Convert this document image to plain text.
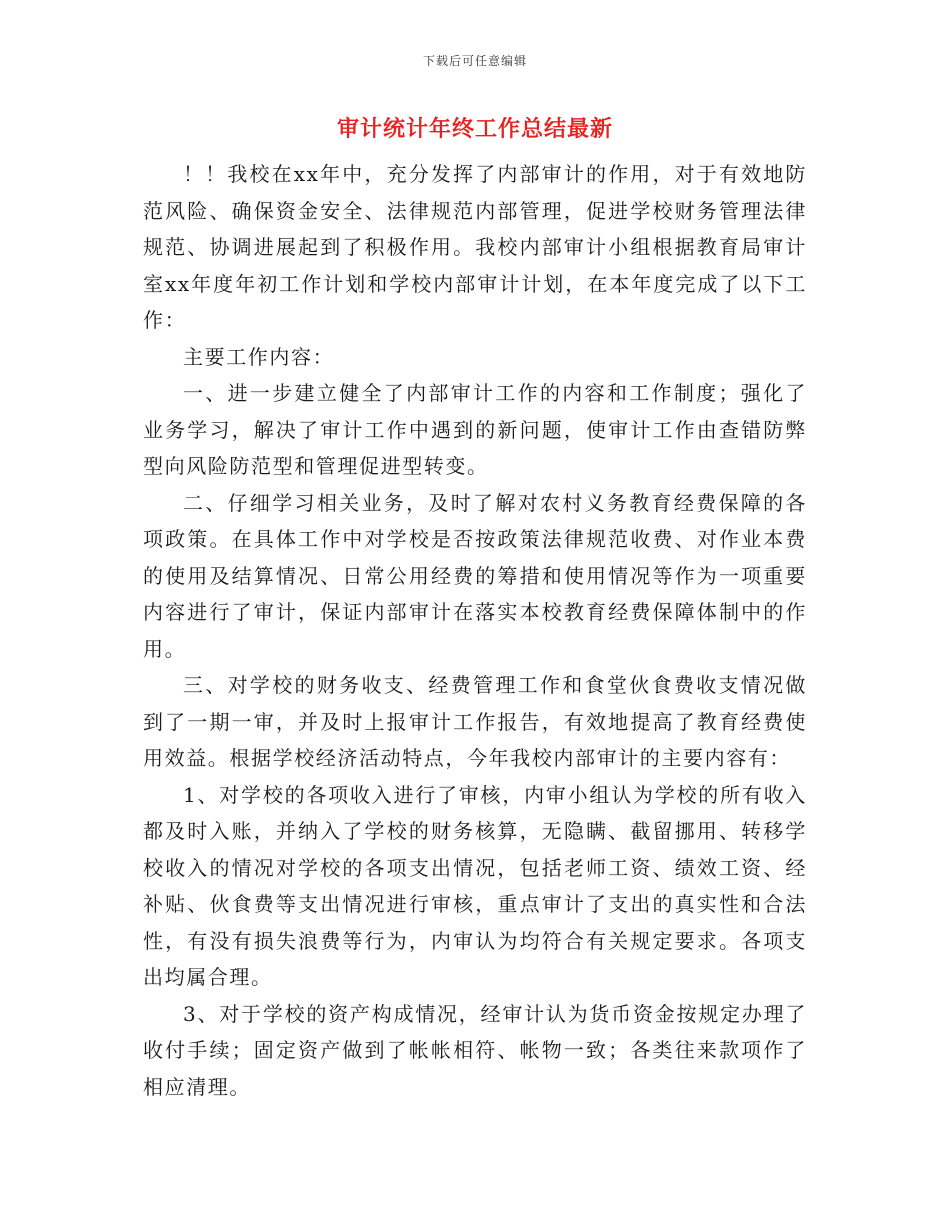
下载后可任意编辑
审计统计年终工作总结最新

！！我校在xx年中，充分发挥了内部审计的作用，对于有效地防范风险、确保资金安全、法律规范内部管理，促进学校财务管理法律规范、协调进展起到了积极作用。我校内部审计小组根据教育局审计室xx年度年初工作计划和学校内部审计计划，在本年度完成了以下工作：

主要工作内容：

一、进一步建立健全了内部审计工作的内容和工作制度；强化了业务学习，解决了审计工作中遇到的新问题，使审计工作由查错防弊型向风险防范型和管理促进型转变。

二、仔细学习相关业务，及时了解对农村义务教育经费保障的各项政策。在具体工作中对学校是否按政策法律规范收费、对作业本费的使用及结算情况、日常公用经费的筹措和使用情况等作为一项重要内容进行了审计，保证内部审计在落实本校教育经费保障体制中的作用。

三、对学校的财务收支、经费管理工作和食堂伙食费收支情况做到了一期一审，并及时上报审计工作报告，有效地提高了教育经费使用效益。根据学校经济活动特点，今年我校内部审计的主要内容有：

1、对学校的各项收入进行了审核，内审小组认为学校的所有收入都及时入账，并纳入了学校的财务核算，无隐瞒、截留挪用、转移学校收入的情况对学校的各项支出情况，包括老师工资、绩效工资、经补贴、伙食费等支出情况进行审核，重点审计了支出的真实性和合法性，有没有损失浪费等行为，内审认为均符合有关规定要求。各项支出均属合理。

3、对于学校的资产构成情况，经审计认为货币资金按规定办理了收付手续；固定资产做到了帐帐相符、帐物一致；各类往来款项作了相应清理。
